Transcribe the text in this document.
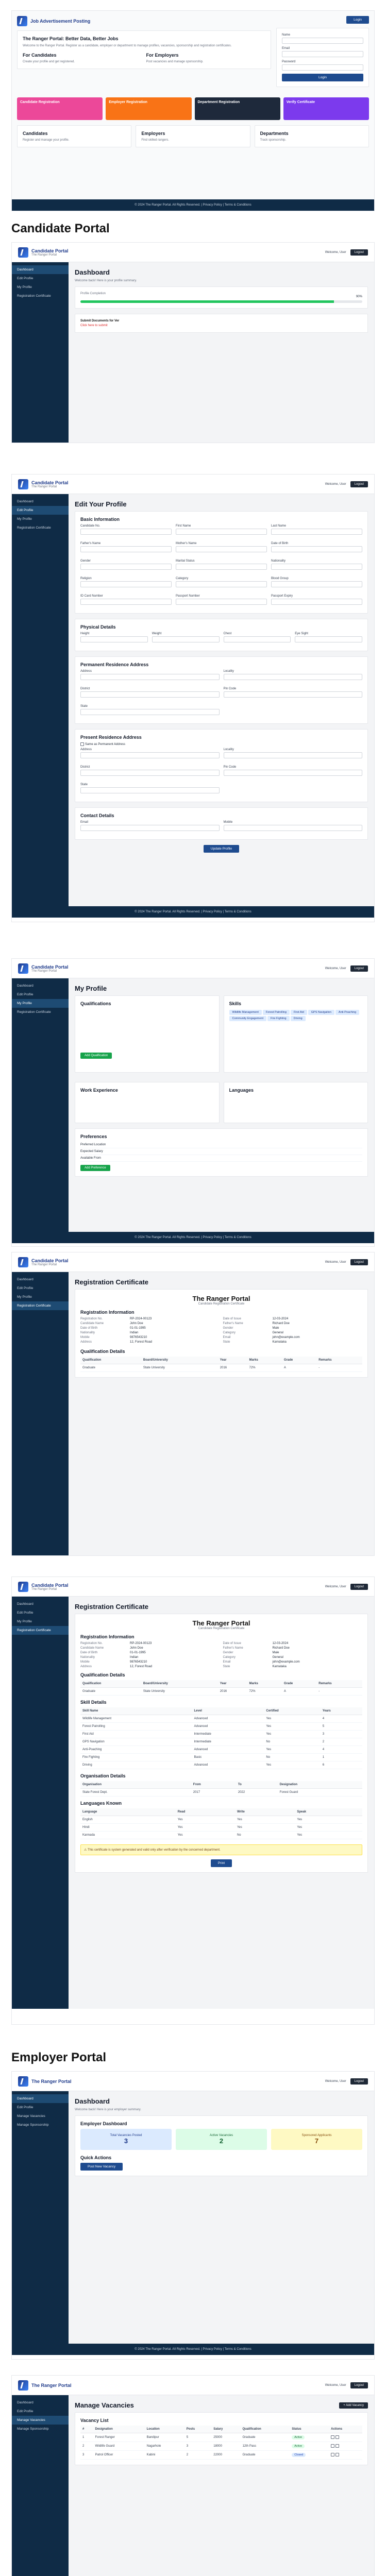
Job Advertisement Posting
The Ranger Portal: Better Data, Better Jobs
Welcome to the Ranger Portal. Register as a candidate, employer or department to manage profiles, vacancies, sponsorship and registration certificates.
For Candidates
Create your profile and get registered.
For Employers
Post vacancies and manage sponsorship.
Login
Name
Email
Password
Login
Candidate Registration	Employer Registration	Department Registration	Verify Certificate
Candidates
Register and manage your profile.
Employers
Find skilled rangers.
Departments
Track sponsorship.
© 2024 The Ranger Portal. All Rights Reserved. | Privacy Policy | Terms & Conditions
Candidate Portal
Candidate Portal
The Ranger Portal
Welcome, User	Logout
Dashboard
Edit Profile
My Profile
Registration Certificate
Dashboard
Welcome back! Here is your profile summary.
Profile Completion
90%
Submit Documents for Ver
Click here to submit
Candidate Portal
The Ranger Portal
Welcome, User	Logout
Dashboard
Edit Profile
My Profile
Registration Certificate
Edit Your Profile
Basic Information
Candidate No.	First Name	Last Name
Father's Name	Mother's Name	Date of Birth
Gender	Marital Status	Nationality
Religion	Category	Blood Group
ID Card Number	Passport Number	Passport Expiry
Physical Details
Height	Weight	Chest	Eye Sight
Permanent Residence Address
Address	Locality
District	Pin Code
State
Present Residence Address
Same as Permanent Address
Address	Locality
District	Pin Code
State
Contact Details
Email	Mobile
Update Profile
© 2024 The Ranger Portal. All Rights Reserved. | Privacy Policy | Terms & Conditions
Candidate Portal
The Ranger Portal
Welcome, User	Logout
Dashboard
Edit Profile
My Profile
Registration Certificate
My Profile
Qualifications
Add Qualification
Skills
Wildlife Management	Forest Patrolling	First Aid	GPS Navigation	Anti-PoachingCommunity Engagement	Fire Fighting	Driving
Work Experience	Languages
Preferences
Preferred Location
Expected Salary
Available From
Add Preference
© 2024 The Ranger Portal. All Rights Reserved. | Privacy Policy | Terms & Conditions
Candidate Portal
The Ranger Portal
Welcome, User	Logout
Dashboard
Edit Profile
My Profile
Registration Certificate
Registration Certificate
The Ranger Portal
Candidate Registration Certificate
Registration Information
Registration No.	RP-2024-00123	Date of Issue	12-03-2024
Candidate Name	John Doe	Father's Name	Richard Doe
Date of Birth	01-01-1995	Gender	Male
Nationality	Indian	Category	General
Mobile	9876543210	Email	john@example.com
Address	12, Forest Road	State	Karnataka
Qualification Details
Qualification	Board/University	Year	Marks	Grade	Remarks
Graduate	State University	2016	72%	A	-
Candidate Portal
The Ranger Portal
Welcome, User	Logout
Dashboard
Edit Profile
My Profile
Registration Certificate
Registration Certificate
The Ranger Portal
Candidate Registration Certificate
Registration Information
Registration No.	RP-2024-00123	Date of Issue	12-03-2024
Candidate Name	John Doe	Father's Name	Richard Doe
Date of Birth	01-01-1995	Gender	Male
Nationality	Indian	Category	General
Mobile	9876543210	Email	john@example.com
Address	12, Forest Road	State	Karnataka
Qualification Details
Qualification	Board/University	Year	Marks	Grade	Remarks
Graduate	State University	2016	72%	A	-
Skill Details
Skill Name	Level	Certified	Years
Wildlife Management	Advanced	Yes	4
Forest Patrolling	Advanced	Yes	5
First Aid	Intermediate	Yes	3
GPS Navigation	Intermediate	No	2
Anti-Poaching	Advanced	Yes	4
Fire Fighting	Basic	No	1
Driving	Advanced	Yes	6
Organisation Details
Organisation	From	To	Designation
State Forest Dept.	2017	2022	Forest Guard
Languages Known
Language	Read	Write	Speak
English	Yes	Yes	Yes
Hindi	Yes	Yes	Yes
Kannada	Yes	No	Yes
⚠ This certificate is system generated and valid only after verification by the concerned department.
Print
Employer Portal
The Ranger Portal	Welcome, User	Logout
Dashboard
Edit Profile
Manage Vacancies
Manage Sponsorship
Dashboard
Welcome back! Here is your employer summary.
Employer Dashboard
Total Vacancies Posted
3
Active Vacancies
2
Sponsored Applicants
7
Quick Actions
Post New Vacancy
© 2024 The Ranger Portal. All Rights Reserved. | Privacy Policy | Terms & Conditions
The Ranger Portal	Welcome, User	Logout
Dashboard
Edit Profile
Manage Vacancies
Manage Sponsorship
Manage Vacancies	+ Add Vacancy
Vacancy List
#	Designation	Location	Posts	Salary	Qualification	Status	Actions
1	Forest Ranger	Bandipur	5	25000	Graduate	Active	
2	Wildlife Guard	Nagarhole	3	18000	12th Pass	Active	
3	Patrol Officer	Kabini	2	22000	Graduate	Closed	
